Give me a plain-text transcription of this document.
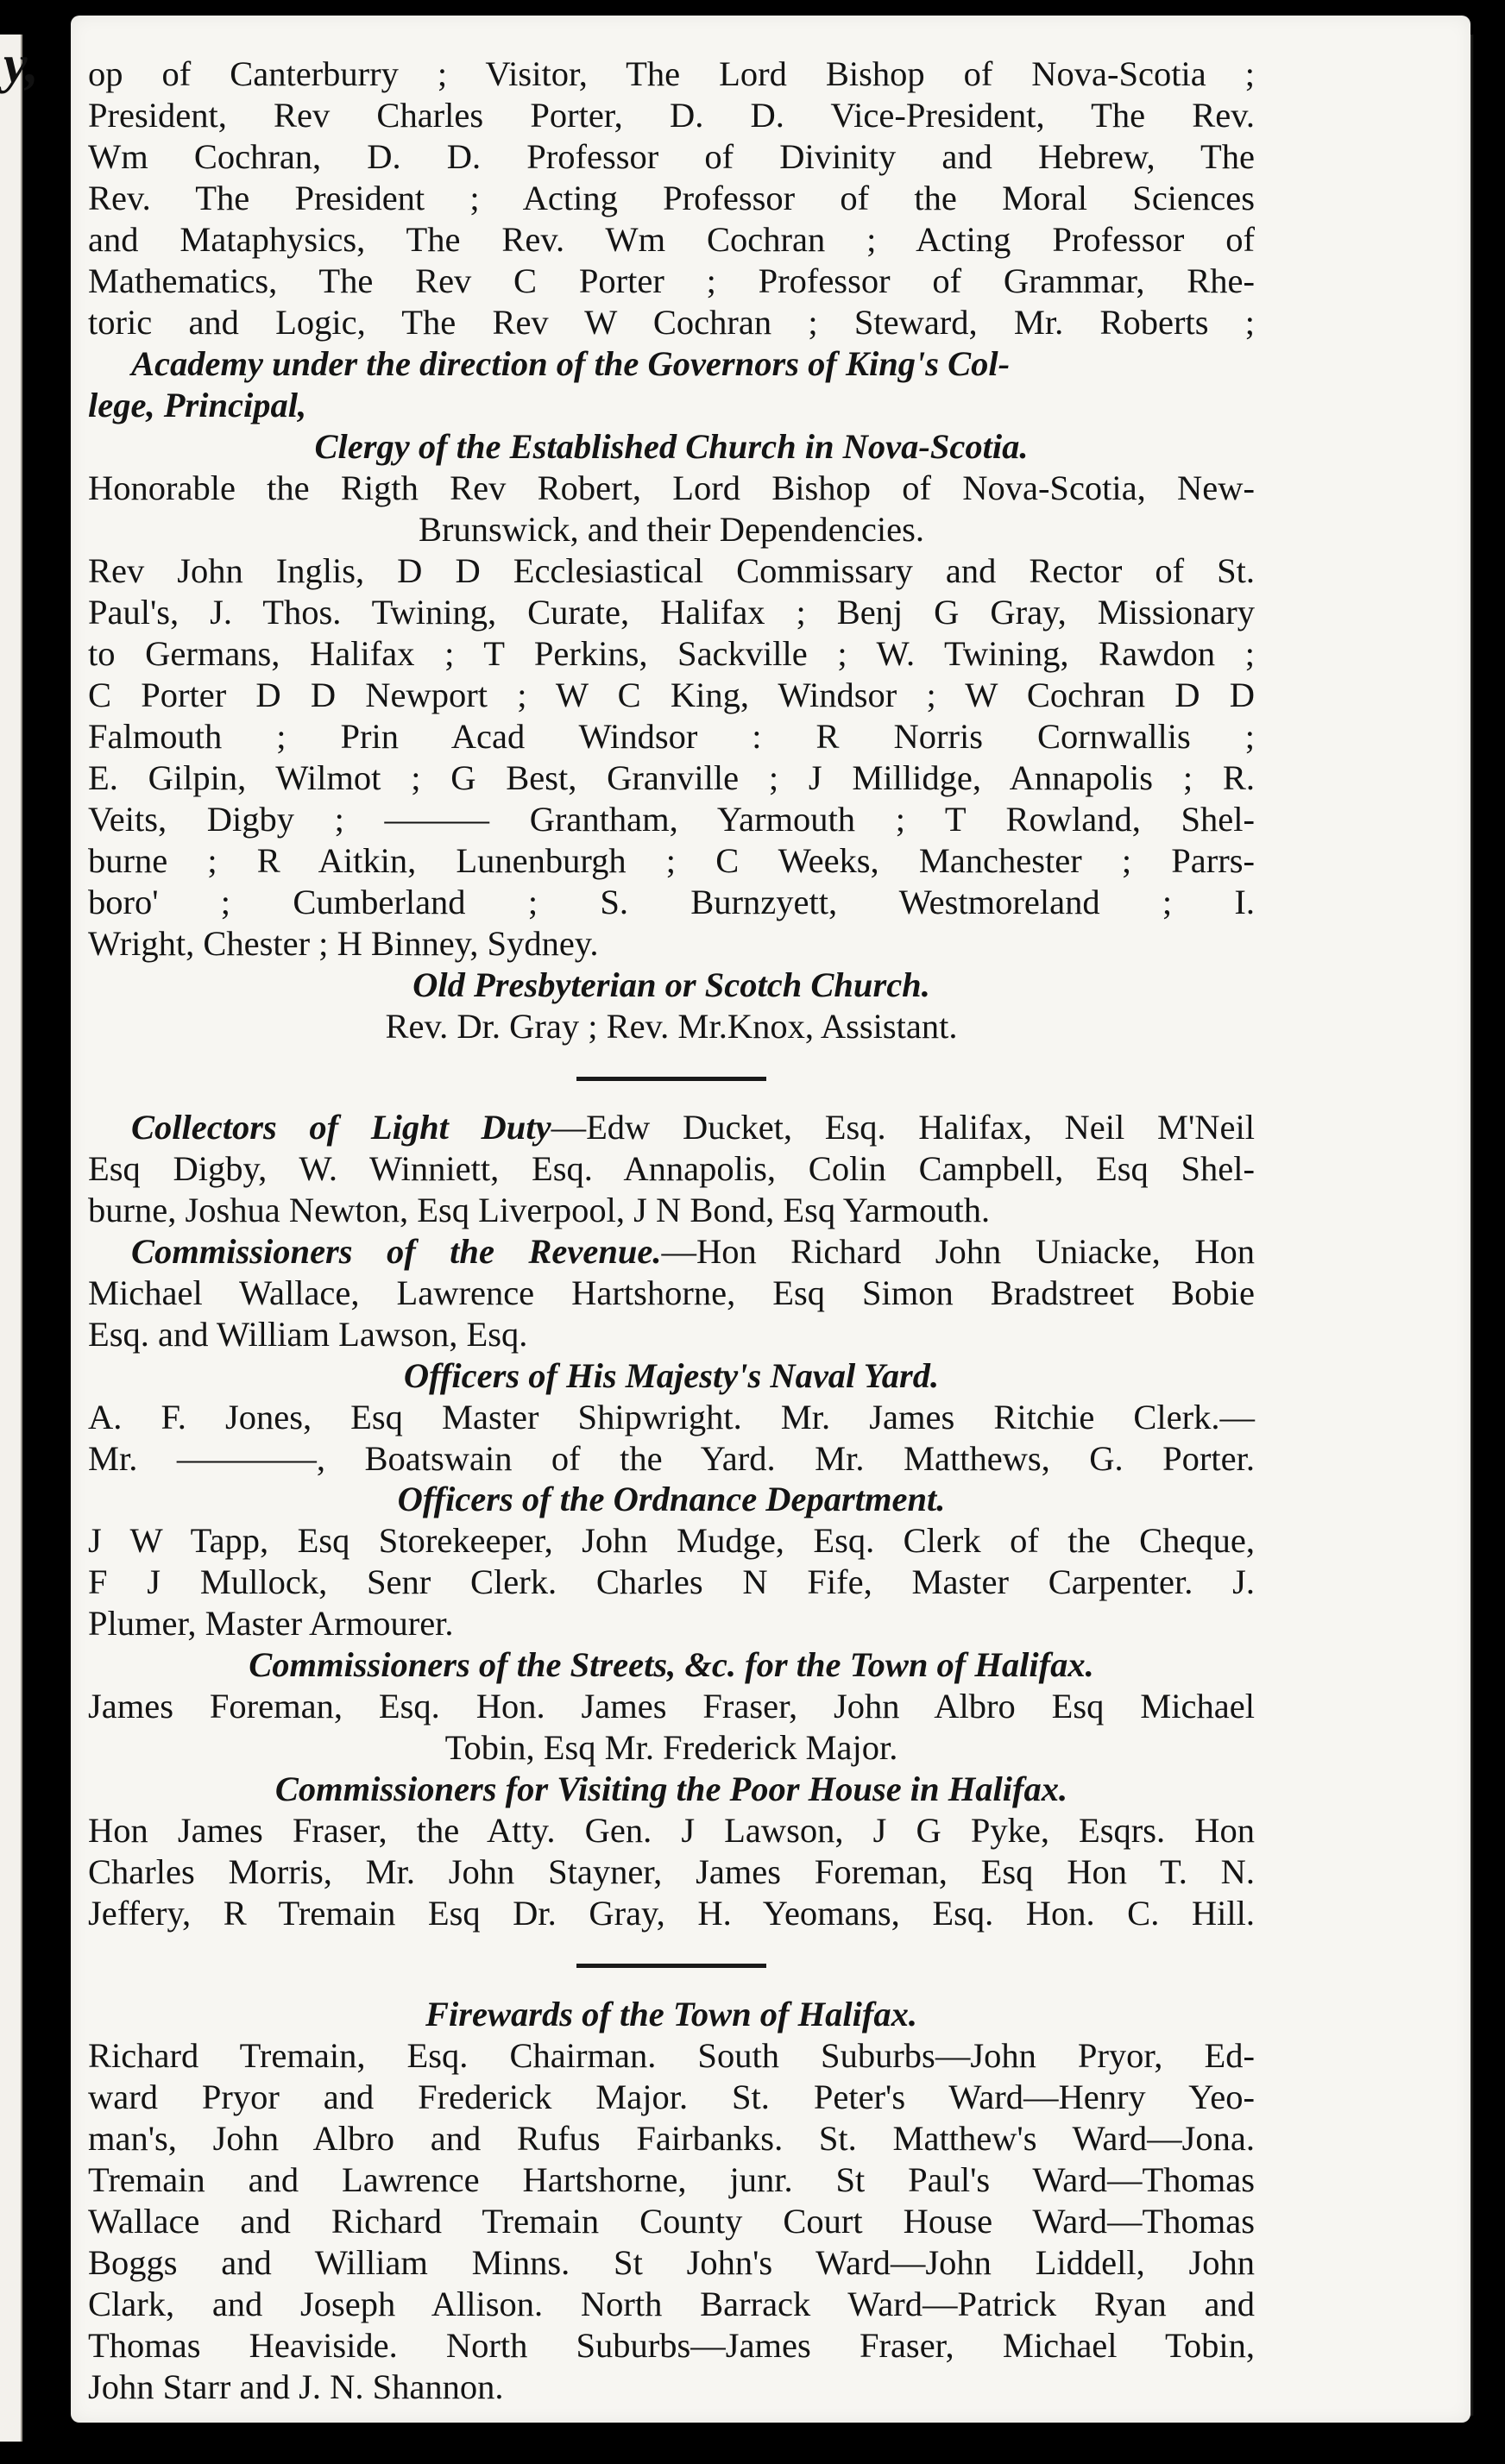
y, op of Canterburry ; Visitor, The Lord Bishop of Nova-Scotia ;

President, Rev Charles Porter, D. D. Vice-President, The Rev.

Wm Cochran, D. D. Professor of Divinity and Hebrew, The

Rev. The President ; Acting Professor of the Moral Sciences

and Mataphysics, The Rev. Wm Cochran ; Acting Professor of

Mathematics, The Rev C Porter ; Professor of Grammar, Rhe-

toric and Logic, The Rev W Cochran ; Steward, Mr. Roberts ;

Academy under the direction of the Governors of King's Col-

lege, Principal,

Clergy of the Established Church in Nova-Scotia.

Honorable the Rigth Rev Robert, Lord Bishop of Nova-Scotia, New-

Brunswick, and their Dependencies.

Rev John Inglis, D D Ecclesiastical Commissary and Rector of St.

Paul's, J. Thos. Twining, Curate, Halifax ; Benj G Gray, Missionary

to Germans, Halifax ; T Perkins, Sackville ; W. Twining, Rawdon ;

C Porter D D Newport ; W C King, Windsor ; W Cochran D D

Falmouth ; Prin Acad Windsor : R Norris Cornwallis ;

E. Gilpin, Wilmot ; G Best, Granville ; J Millidge, Annapolis ; R.

Veits, Digby ; ——— Grantham, Yarmouth ; T Rowland, Shel-

burne ; R Aitkin, Lunenburgh ; C Weeks, Manchester ; Parrs-

boro' ; Cumberland ; S. Burnzyett, Westmoreland ; I.

Wright, Chester ; H Binney, Sydney.

Old Presbyterian or Scotch Church.

Rev. Dr. Gray ; Rev. Mr.Knox, Assistant.

Collectors of Light Duty—Edw Ducket, Esq. Halifax, Neil M'Neil

Esq Digby, W. Winniett, Esq. Annapolis, Colin Campbell, Esq Shel-

burne, Joshua Newton, Esq Liverpool, J N Bond, Esq Yarmouth.

Commissioners of the Revenue.—Hon Richard John Uniacke, Hon

Michael Wallace, Lawrence Hartshorne, Esq Simon Bradstreet Bobie

Esq. and William Lawson, Esq.

Officers of His Majesty's Naval Yard.

A. F. Jones, Esq Master Shipwright. Mr. James Ritchie Clerk.—

Mr. ————, Boatswain of the Yard. Mr. Matthews, G. Porter.

Officers of the Ordnance Department.

J W Tapp, Esq Storekeeper, John Mudge, Esq. Clerk of the Cheque,

F J Mullock, Senr Clerk. Charles N Fife, Master Carpenter. J.

Plumer, Master Armourer.

Commissioners of the Streets, &c. for the Town of Halifax.

James Foreman, Esq. Hon. James Fraser, John Albro Esq Michael

Tobin, Esq Mr. Frederick Major.

Commissioners for Visiting the Poor House in Halifax.

Hon James Fraser, the Atty. Gen. J Lawson, J G Pyke, Esqrs. Hon

Charles Morris, Mr. John Stayner, James Foreman, Esq Hon T. N.

Jeffery, R Tremain Esq Dr. Gray, H. Yeomans, Esq. Hon. C. Hill.

Firewards of the Town of Halifax.

Richard Tremain, Esq. Chairman. South Suburbs—John Pryor, Ed-

ward Pryor and Frederick Major. St. Peter's Ward—Henry Yeo-

man's, John Albro and Rufus Fairbanks. St. Matthew's Ward—Jona.

Tremain and Lawrence Hartshorne, junr. St Paul's Ward—Thomas

Wallace and Richard Tremain County Court House Ward—Thomas

Boggs and William Minns. St John's Ward—John Liddell, John

Clark, and Joseph Allison. North Barrack Ward—Patrick Ryan and

Thomas Heaviside. North Suburbs—James Fraser, Michael Tobin,

John Starr and J. N. Shannon.
